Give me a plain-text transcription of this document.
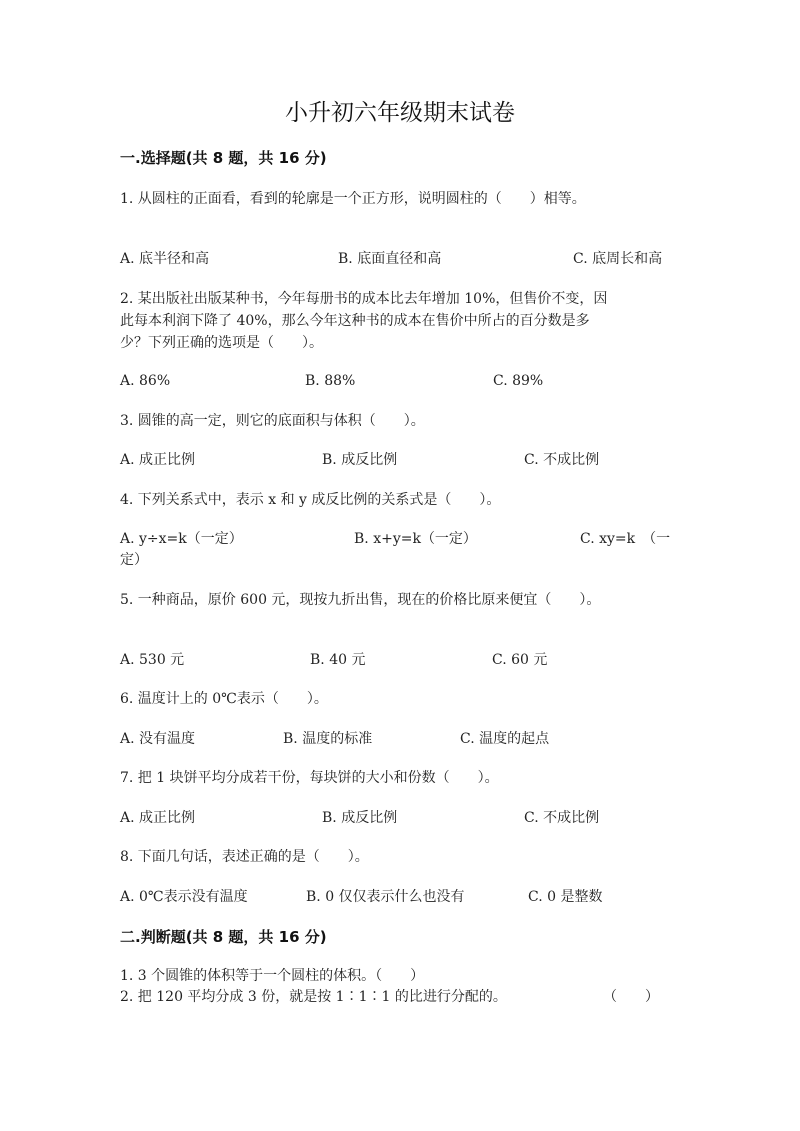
小升初六年级期末试卷
一.选择题(共 8 题，共 16 分)
1. 从圆柱的正面看，看到的轮廓是一个正方形，说明圆柱的（　　）相等。
A. 底半径和高	B. 底面直径和高	C. 底周长和高
2. 某出版社出版某种书，今年每册书的成本比去年增加 10%，但售价不变，因
此每本利润下降了 40%，那么今年这种书的成本在售价中所占的百分数是多
少？下列正确的选项是（　　）。
A. 86%	B. 88%	C. 89%
3. 圆锥的高一定，则它的底面积与体积（　　）。
A. 成正比例	B. 成反比例	C. 不成比例
4. 下列关系式中，表示 x 和 y 成反比例的关系式是（　　）。
A. y÷x=k（一定）	B. x+y=k（一定）	C. xy=k　（一
定）
5. 一种商品，原价 600 元，现按九折出售，现在的价格比原来便宜（　　）。
A. 530 元	B. 40 元	C. 60 元
6. 温度计上的 0℃表示（　　）。
A. 没有温度	B. 温度的标准	C. 温度的起点
7. 把 1 块饼平均分成若干份，每块饼的大小和份数（　　）。
A. 成正比例	B. 成反比例	C. 不成比例
8. 下面几句话，表述正确的是（　　）。
A. 0℃表示没有温度	B. 0 仅仅表示什么也没有	C. 0 是整数
二.判断题(共 8 题，共 16 分)
1. 3 个圆锥的体积等于一个圆柱的体积。（　　）
2. 把 120 平均分成 3 份，就是按 1∶1∶1 的比进行分配的。	（　　）
